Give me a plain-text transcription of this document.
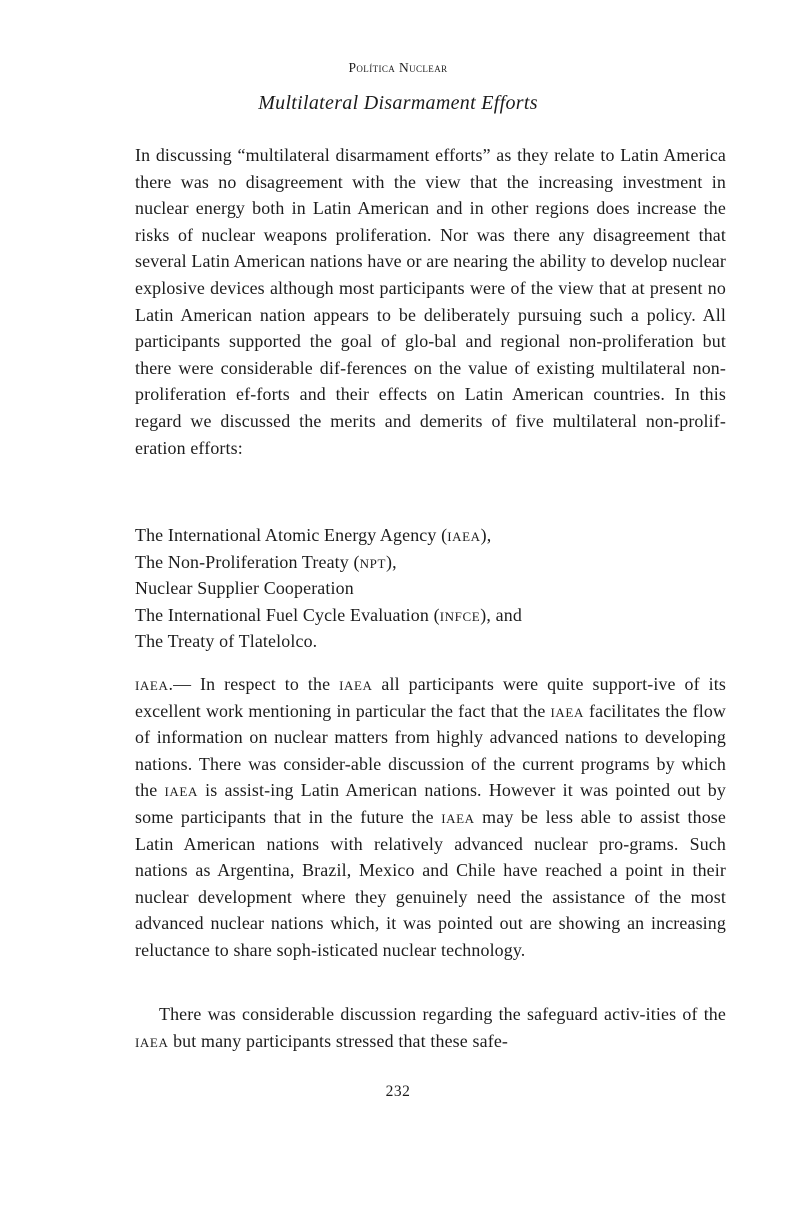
Política Nuclear
Multilateral Disarmament Efforts

In discussing “multilateral disarmament efforts” as they relate to Latin America there was no disagreement with the view that the increasing investment in nuclear energy both in Latin American and in other regions does increase the risks of nuclear weapons proliferation. Nor was there any disagreement that several Latin American nations have or are nearing the ability to develop nuclear explosive devices although most participants were of the view that at present no Latin American nation appears to be deliberately pursuing such a policy. All participants supported the goal of glo-bal and regional non-proliferation but there were considerable dif-ferences on the value of existing multilateral non-proliferation ef-forts and their effects on Latin American countries. In this regard we discussed the merits and demerits of five multilateral non-prolif-eration efforts:

The International Atomic Energy Agency (iaea),
The Non-Proliferation Treaty (npt),
Nuclear Supplier Cooperation
The International Fuel Cycle Evaluation (infce), and
The Treaty of Tlatelolco.

iaea.— In respect to the iaea all participants were quite support-ive of its excellent work mentioning in particular the fact that the iaea facilitates the flow of information on nuclear matters from highly advanced nations to developing nations. There was consider-able discussion of the current programs by which the iaea is assist-ing Latin American nations. However it was pointed out by some participants that in the future the iaea may be less able to assist those Latin American nations with relatively advanced nuclear pro-grams. Such nations as Argentina, Brazil, Mexico and Chile have reached a point in their nuclear development where they genuinely need the assistance of the most advanced nuclear nations which, it was pointed out are showing an increasing reluctance to share soph-isticated nuclear technology.

There was considerable discussion regarding the safeguard activ-ities of the iaea but many participants stressed that these safe-

232
